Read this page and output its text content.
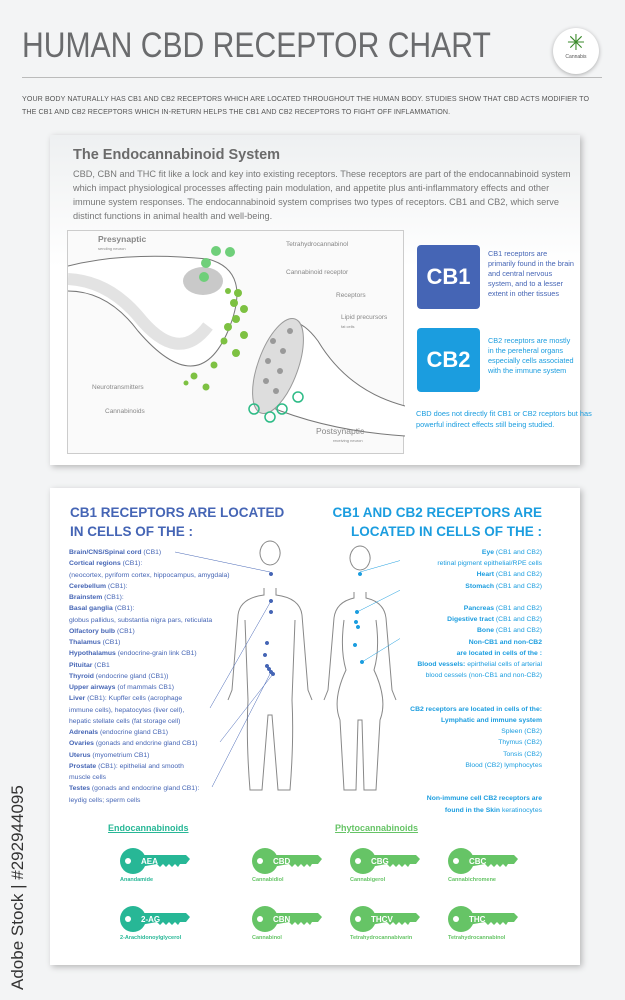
HUMAN CBD RECEPTOR CHART	✳
Cannabis
YOUR BODY NATURALLY HAS CB1 AND CB2 RECEPTORS WHICH ARE LOCATED THROUGHOUT THE HUMAN BODY. STUDIES SHOW THAT CBD ACTS MODIFIER TO THE CB1 AND CB2 RECEPTORS WHICH IN-RETURN HELPS THE CB1 AND CB2 RECEPTORS TO FIGHT OFF INFLAMMATION.
The Endocannabinoid System
CBD, CBN and THC fit like a lock and key into existing receptors. These receptors are part of the endocannabinoid system which impact physiological processes affecting pain modulation, and appetite plus anti-inflammatory effects and other immune system responses. The endocannabinoid system comprises two types of receptors. CB1 and CB2, which serve distinct functions in animal health and well-being.
Presynaptic
sending neuron
Tetrahydrocannabinol
Cannabinoid receptor
Receptors
Lipid precursors
fat cells
Neurotransmitters
Cannabinoids
Postsynaptic
receiving neuron
CB1
CB1 receptors are primarily found in the brain and central nervous system, and to a lesser extent in other tissues
CB2
CB2 receptors are mostly in the pereheral organs especially cells associated with the immune system
CBD does not directly fit CB1 or CB2 rceptors but has powerful indirect effects still being studied.
CB1 RECEPTORS ARE LOCATED
IN CELLS OF THE :
CB1 AND CB2 RECEPTORS ARE
LOCATED IN CELLS OF THE :
Brain/CNS/Spinal cord (CB1)
Cortical regions (CB1):
(neocortex, pyriform cortex, hippocampus, amygdala)
Cerebellum (CB1):
Brainstem (CB1):
Basal ganglia (CB1):
globus pallidus, substantia nigra pars, reticulata
Olfactory bulb (CB1)
Thalamus (CB1)
Hypothalamus (endocrine-grain link CB1)
Pituitar (CB1
Thyroid (endocrine gland (CB1))
Upper airways (of mammals CB1)
Liver (CB1): Kupffer cells (acrophage
immune cells), hepatocytes (liver cell),
hepatic stellate cells (fat storage cell)
Adrenals (endocrine gland CB1)
Ovaries (gonads and endcrine gland CB1)
Uterus (myometrium CB1)
Prostate (CB1): epithelial and smooth
muscle cells
Testes (gonads and endocrine gland CB1):
leydig cells; sperm cells
Eye (CB1 and CB2)
retinal pigment epithelial/RPE cells
Heart (CB1 and CB2)
Stomach (CB1 and CB2)
Pancreas (CB1 and CB2)
Digestive tract (CB1 and CB2)
Bone (CB1 and CB2)
Non-CB1 and non-CB2
are located in cells of the :
Blood vessels: epirthelial cells of arterial
blood cessels (non-CB1 and non-CB2)
CB2 receptors are located in cells of the:
Lymphatic and immune system
Spleen (CB2)
Thymus (CB2)
Tonsis (CB2)
Blood (CB2) lymphocytes
Non-immune cell CB2 receptors are
found in the Skin keratinocytes
Endocannabinoids	Phytocannabinoids
AEA
Anandamide
CBD
Cannabidiol
CBG
Cannabigerol
CBC
Cannabichromene
2-AG
2-Arachidonoylglycerol
CBN
Cannabinol
THCV
Tetrahydrocannabivarin
THC
Tetrahydrocannabinol
Adobe Stock | #292944095
